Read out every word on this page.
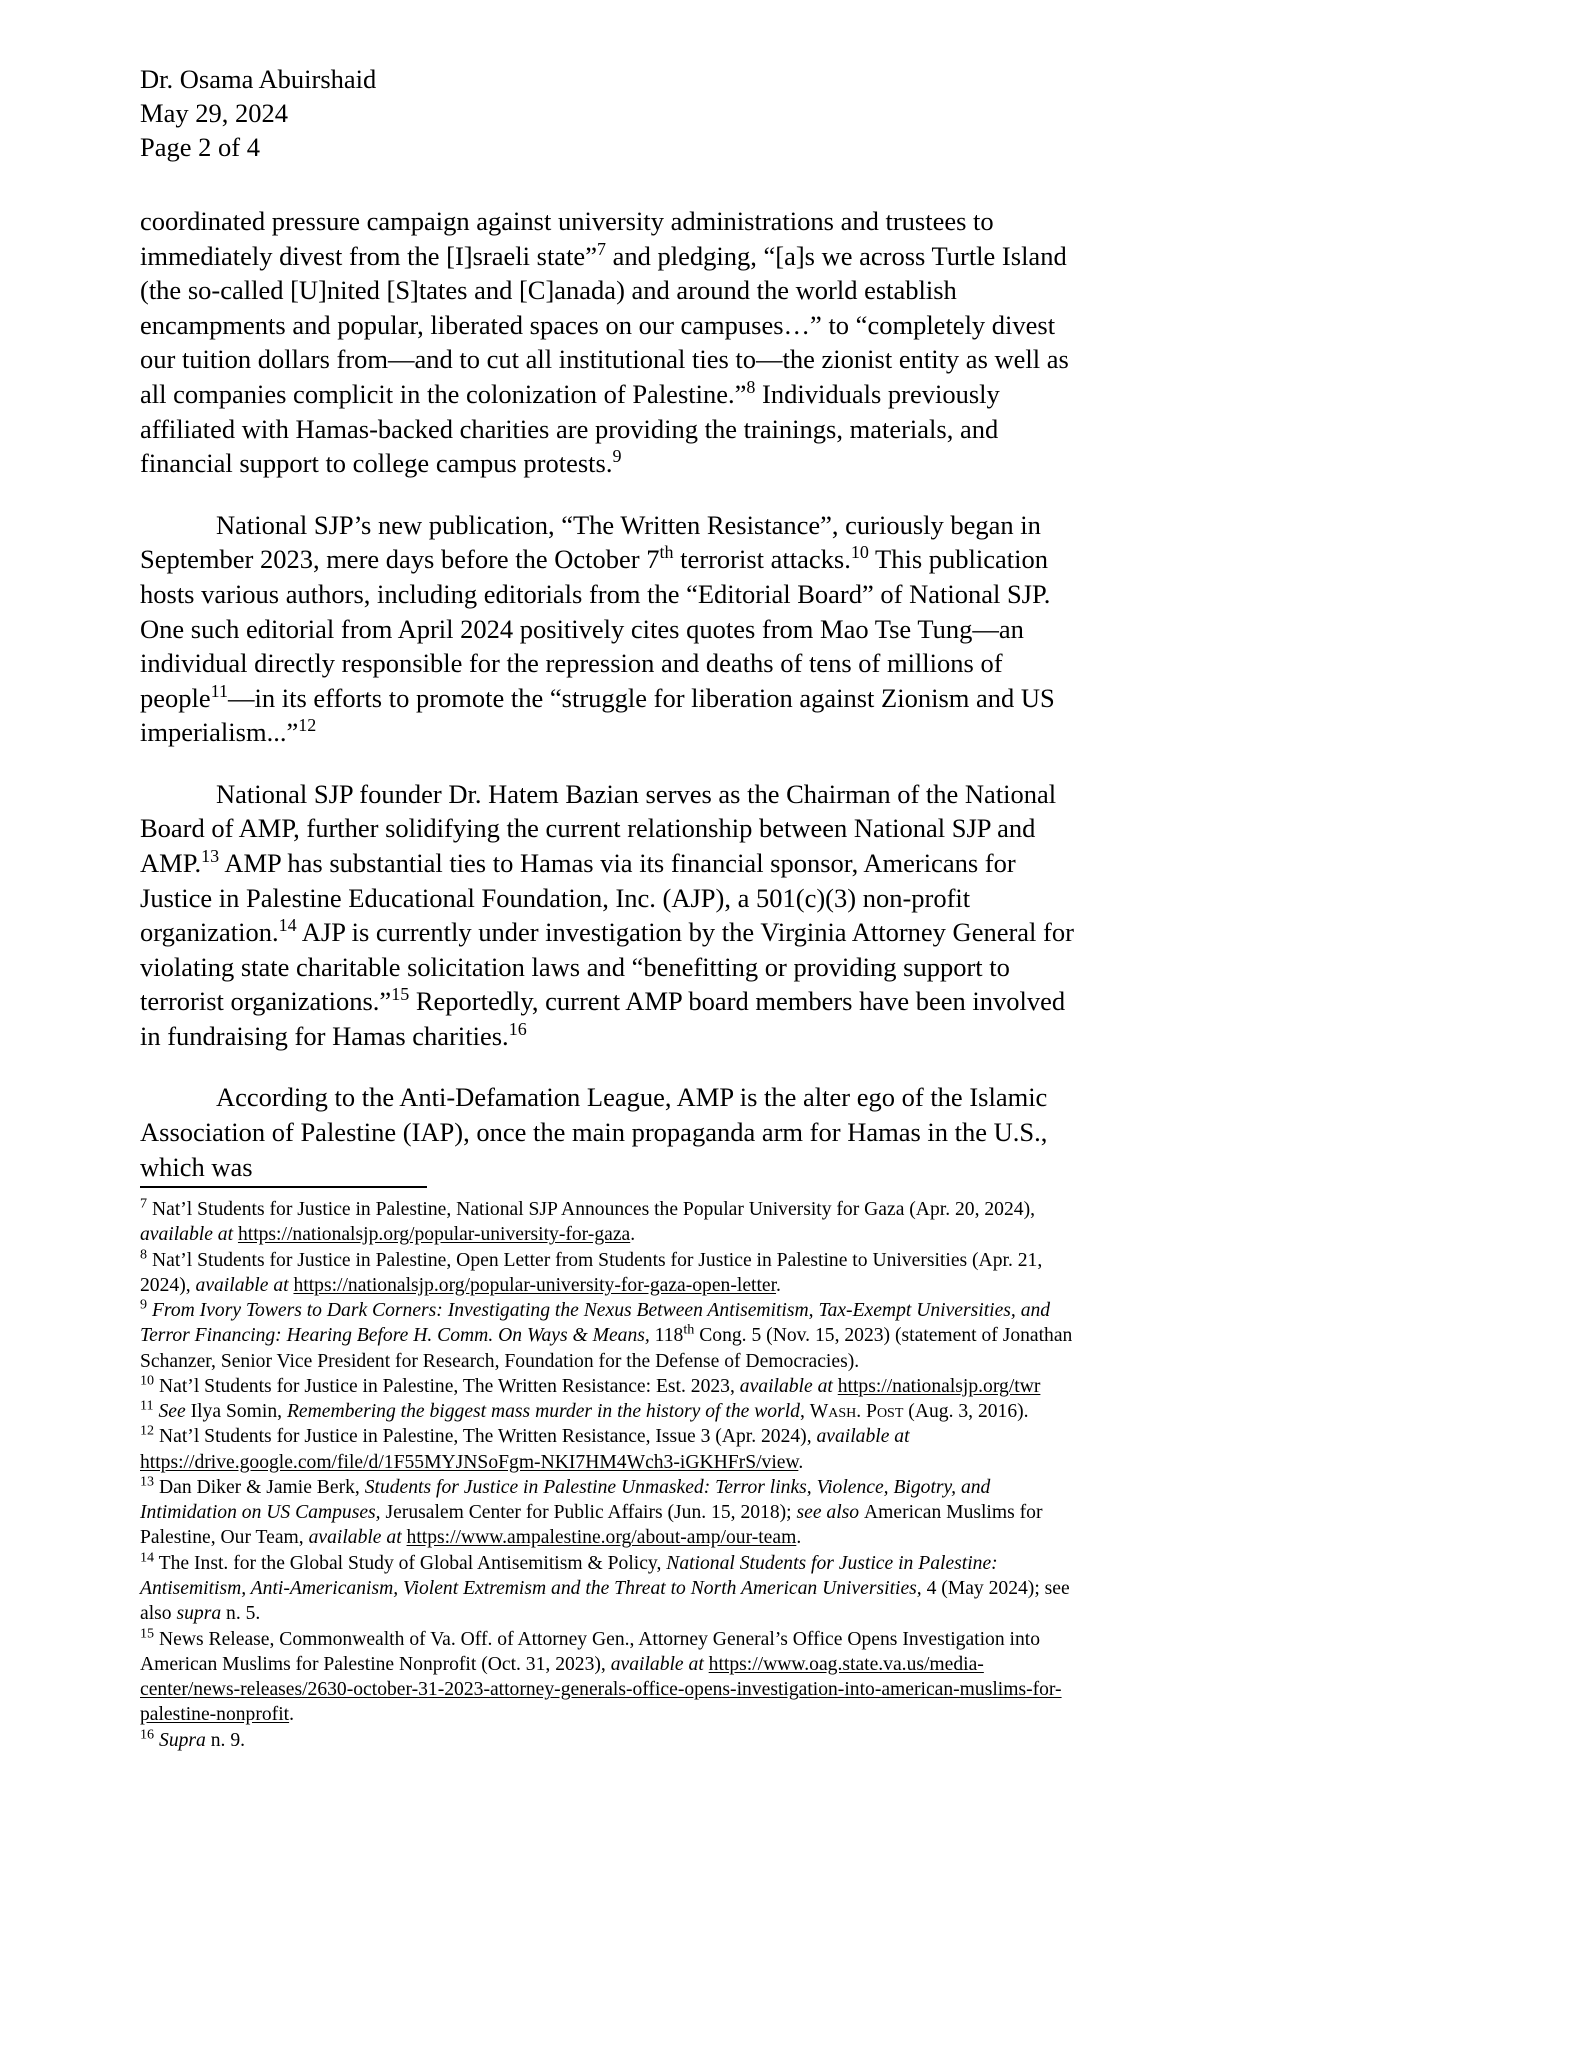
Dr. Osama Abuirshaid
May 29, 2024
Page 2 of 4

coordinated pressure campaign against university administrations and trustees to immediately divest from the [I]sraeli state”$^7$ and pledging, “[a]s we across Turtle Island (the so-called [U]nited [S]tates and [C]anada) and around the world establish encampments and popular, liberated spaces on our campuses…” to “completely divest our tuition dollars from—and to cut all institutional ties to—the zionist entity as well as all companies complicit in the colonization of Palestine.”$^8$ Individuals previously affiliated with Hamas-backed charities are providing the trainings, materials, and financial support to college campus protests.$^9$

National SJP’s new publication, “The Written Resistance”, curiously began in September 2023, mere days before the October 7th terrorist attacks.$^{10}$ This publication hosts various authors, including editorials from the “Editorial Board” of National SJP. One such editorial from April 2024 positively cites quotes from Mao Tse Tung—an individual directly responsible for the repression and deaths of tens of millions of people$^{11}$—in its efforts to promote the “struggle for liberation against Zionism and US imperialism...”$^{12}$

National SJP founder Dr. Hatem Bazian serves as the Chairman of the National Board of AMP, further solidifying the current relationship between National SJP and AMP.$^{13}$ AMP has substantial ties to Hamas via its financial sponsor, Americans for Justice in Palestine Educational Foundation, Inc. (AJP), a 501(c)(3) non-profit organization.$^{14}$ AJP is currently under investigation by the Virginia Attorney General for violating state charitable solicitation laws and “benefitting or providing support to terrorist organizations.”$^{15}$ Reportedly, current AMP board members have been involved in fundraising for Hamas charities.$^{16}$

According to the Anti-Defamation League, AMP is the alter ego of the Islamic Association of Palestine (IAP), once the main propaganda arm for Hamas in the U.S., which was

$^7$ Nat’l Students for Justice in Palestine, National SJP Announces the Popular University for Gaza (Apr. 20, 2024), available at https://nationalsjp.org/popular-university-for-gaza.

$^8$ Nat’l Students for Justice in Palestine, Open Letter from Students for Justice in Palestine to Universities (Apr. 21, 2024), available at https://nationalsjp.org/popular-university-for-gaza-open-letter.

$^9$ From Ivory Towers to Dark Corners: Investigating the Nexus Between Antisemitism, Tax-Exempt Universities, and Terror Financing: Hearing Before H. Comm. On Ways & Means, 118th Cong. 5 (Nov. 15, 2023) (statement of Jonathan Schanzer, Senior Vice President for Research, Foundation for the Defense of Democracies).

$^{10}$ Nat’l Students for Justice in Palestine, The Written Resistance: Est. 2023, available at https://nationalsjp.org/twr

$^{11}$ See Ilya Somin, Remembering the biggest mass murder in the history of the world, Wash. Post (Aug. 3, 2016).

$^{12}$ Nat’l Students for Justice in Palestine, The Written Resistance, Issue 3 (Apr. 2024), available at
https://drive.google.com/file/d/1F55MYJNSoFgm-NKI7HM4Wch3-iGKHFrS/view.

$^{13}$ Dan Diker & Jamie Berk, Students for Justice in Palestine Unmasked: Terror links, Violence, Bigotry, and Intimidation on US Campuses, Jerusalem Center for Public Affairs (Jun. 15, 2018); see also American Muslims for Palestine, Our Team, available at https://www.ampalestine.org/about-amp/our-team.

$^{14}$ The Inst. for the Global Study of Global Antisemitism & Policy, National Students for Justice in Palestine: Antisemitism, Anti-Americanism, Violent Extremism and the Threat to North American Universities, 4 (May 2024); see also supra n. 5.

$^{15}$ News Release, Commonwealth of Va. Off. of Attorney Gen., Attorney General’s Office Opens Investigation into American Muslims for Palestine Nonprofit (Oct. 31, 2023), available at https://www.oag.state.va.us/media-center/news-releases/2630-october-31-2023-attorney-generals-office-opens-investigation-into-american-muslims-for-palestine-nonprofit.

$^{16}$ Supra n. 9.
